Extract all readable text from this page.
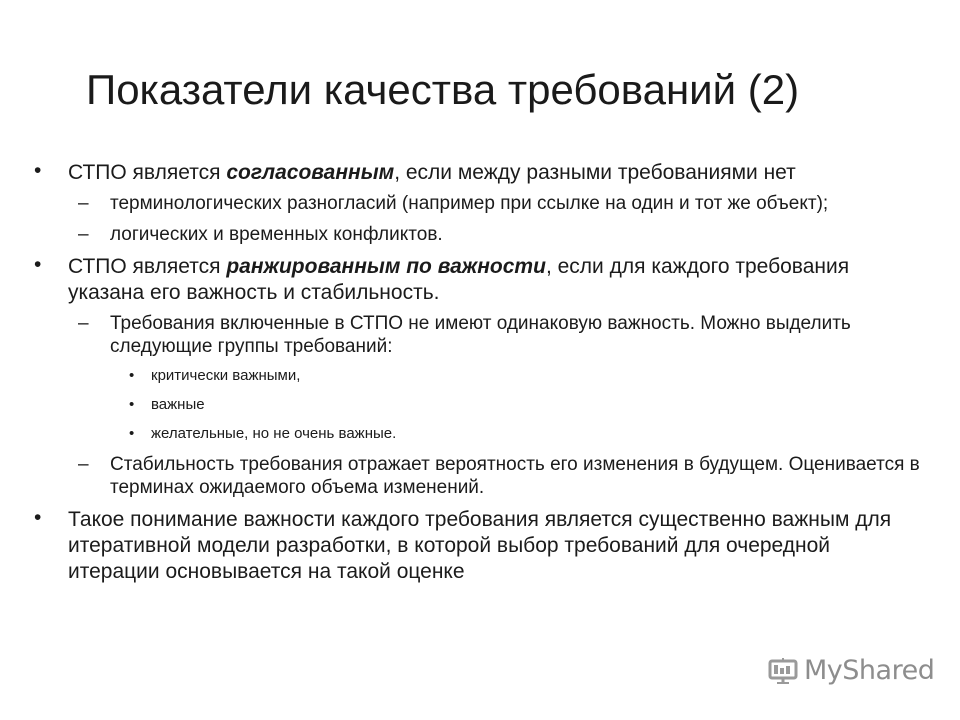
Показатели качества требований (2)
• СТПО является согласованным, если между разными требованиями нет
– терминологических разногласий (например при ссылке на один и тот же объект);
– логических и временных конфликтов.
• СТПО является ранжированным по важности, если для каждого требования указана его важность и стабильность.
– Требования включенные в СТПО не имеют одинаковую важность. Можно выделить следующие группы требований:
• критически важными,
• важные
• желательные, но не очень важные.
– Стабильность требования отражает вероятность его изменения в будущем. Оценивается в терминах ожидаемого объема изменений.
• Такое понимание важности каждого требования является существенно важным для итеративной модели разработки, в которой выбор требований для очередной итерации основывается на такой оценке
MyShared
